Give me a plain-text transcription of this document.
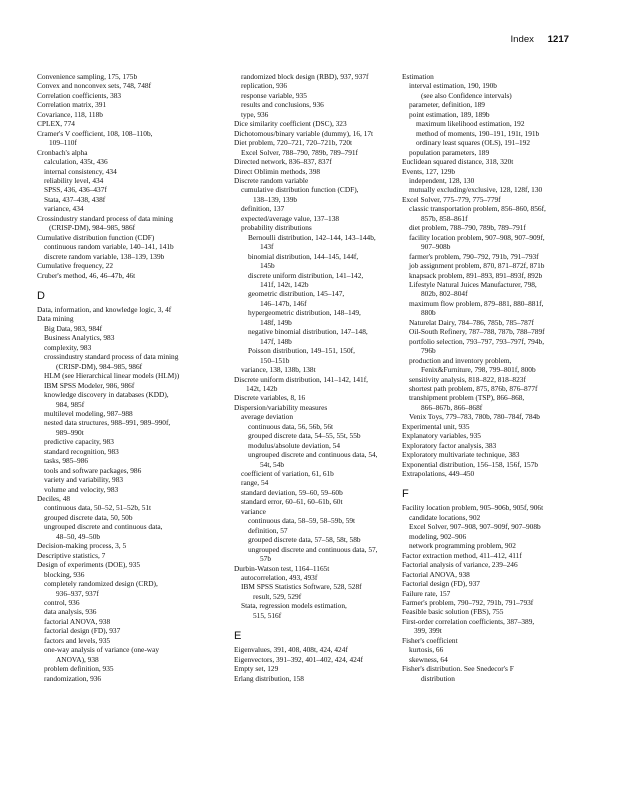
Index 1217
Convenience sampling, 175, 175b
Convex and nonconvex sets, 748, 748f
Correlation coefficients, 383
Correlation matrix, 391
Covariance, 118, 118b
CPLEX, 774
Cramer's V coefficient, 108, 108–110b,
109–110f
Cronbach's alpha
calculation, 435t, 436
internal consistency, 434
reliability level, 434
SPSS, 436, 436–437f
Stata, 437–438, 438f
variance, 434
Crossindustry standard process of data mining
(CRISP-DM), 984–985, 986f
Cumulative distribution function (CDF)
continuous random variable, 140–141, 141b
discrete random variable, 138–139, 139b
Cumulative frequency, 22
Cruber's method, 46, 46–47b, 46t
D
Data, information, and knowledge logic, 3, 4f
Data mining
Big Data, 983, 984f
Business Analytics, 983
complexity, 983
crossindustry standard process of data mining
(CRISP-DM), 984–985, 986f
HLM (see Hierarchical linear models (HLM))
IBM SPSS Modeler, 986, 986f
knowledge discovery in databases (KDD),
984, 985f
multilevel modeling, 987–988
nested data structures, 988–991, 989–990f,
989–990t
predictive capacity, 983
standard recognition, 983
tasks, 985–986
tools and software packages, 986
variety and variability, 983
volume and velocity, 983
Deciles, 48
continuous data, 50–52, 51–52b, 51t
grouped discrete data, 50, 50b
ungrouped discrete and continuous data,
48–50, 49–50b
Decision-making process, 3, 5
Descriptive statistics, 7
Design of experiments (DOE), 935
blocking, 936
completely randomized design (CRD),
936–937, 937f
control, 936
data analysis, 936
factorial ANOVA, 938
factorial design (FD), 937
factors and levels, 935
one-way analysis of variance (one-way
ANOVA), 938
problem definition, 935
randomization, 936
randomized block design (RBD), 937, 937f
replication, 936
response variable, 935
results and conclusions, 936
type, 936
Dice similarity coefficient (DSC), 323
Dichotomous/binary variable (dummy), 16, 17t
Diet problem, 720–721, 720–721b, 720t
Excel Solver, 788–790, 789b, 789–791f
Directed network, 836–837, 837f
Direct Oblimin methods, 398
Discrete random variable
cumulative distribution function (CDF),
138–139, 139b
definition, 137
expected/average value, 137–138
probability distributions
Bernoulli distribution, 142–144, 143–144b,
143f
binomial distribution, 144–145, 144f,
145b
discrete uniform distribution, 141–142,
141f, 142t, 142b
geometric distribution, 145–147,
146–147b, 146f
hypergeometric distribution, 148–149,
148f, 149b
negative binomial distribution, 147–148,
147f, 148b
Poisson distribution, 149–151, 150f,
150–151b
variance, 138, 138b, 138t
Discrete uniform distribution, 141–142, 141f,
142t, 142b
Discrete variables, 8, 16
Dispersion/variability measures
average deviation
continuous data, 56, 56b, 56t
grouped discrete data, 54–55, 55t, 55b
modulus/absolute deviation, 54
ungrouped discrete and continuous data, 54,
54t, 54b
coefficient of variation, 61, 61b
range, 54
standard deviation, 59–60, 59–60b
standard error, 60–61, 60–61b, 60t
variance
continuous data, 58–59, 58–59b, 59t
definition, 57
grouped discrete data, 57–58, 58t, 58b
ungrouped discrete and continuous data, 57,
57b
Durbin-Watson test, 1164–1165t
autocorrelation, 493, 493f
IBM SPSS Statistics Software, 528, 528f
result, 529, 529f
Stata, regression models estimation,
515, 516f
E
Eigenvalues, 391, 408, 408t, 424, 424f
Eigenvectors, 391–392, 401–402, 424, 424f
Empty set, 129
Erlang distribution, 158
Estimation
interval estimation, 190, 190b
(see also Confidence intervals)
parameter, definition, 189
point estimation, 189, 189b
maximum likelihood estimation, 192
method of moments, 190–191, 191t, 191b
ordinary least squares (OLS), 191–192
population parameters, 189
Euclidean squared distance, 318, 320t
Events, 127, 129b
independent, 128, 130
mutually excluding/exclusive, 128, 128f, 130
Excel Solver, 775–779, 775–779f
classic transportation problem, 856–860, 856f,
857b, 858–861f
diet problem, 788–790, 789b, 789–791f
facility location problem, 907–908, 907–909f,
907–908b
farmer's problem, 790–792, 791b, 791–793f
job assignment problem, 870, 871–872f, 871b
knapsack problem, 891–893, 891–893f, 892b
Lifestyle Natural Juices Manufacturer, 798,
802b, 802–804f
maximum flow problem, 879–881, 880–881f,
880b
Naturelat Dairy, 784–786, 785b, 785–787f
Oil-South Refinery, 787–788, 787b, 788–789f
portfolio selection, 793–797, 793–797f, 794b,
796b
production and inventory problem,
Fenix&Furniture, 798, 799–801f, 800b
sensitivity analysis, 818–822, 818–823f
shortest path problem, 875, 876b, 876–877f
transhipment problem (TSP), 866–868,
866–867b, 866–868f
Venix Toys, 779–783, 780b, 780–784f, 784b
Experimental unit, 935
Explanatory variables, 935
Exploratory factor analysis, 383
Exploratory multivariate technique, 383
Exponential distribution, 156–158, 156f, 157b
Extrapolations, 449–450
F
Facility location problem, 905–906b, 905f, 906t
candidate locations, 902
Excel Solver, 907–908, 907–909f, 907–908b
modeling, 902–906
network programming problem, 902
Factor extraction method, 411–412, 411f
Factorial analysis of variance, 239–246
Factorial ANOVA, 938
Factorial design (FD), 937
Failure rate, 157
Farmer's problem, 790–792, 791b, 791–793f
Feasible basic solution (FBS), 755
First-order correlation coefficients, 387–389,
399, 399t
Fisher's coefficient
kurtosis, 66
skewness, 64
Fisher's distribution. See Snedecor's F
distribution
